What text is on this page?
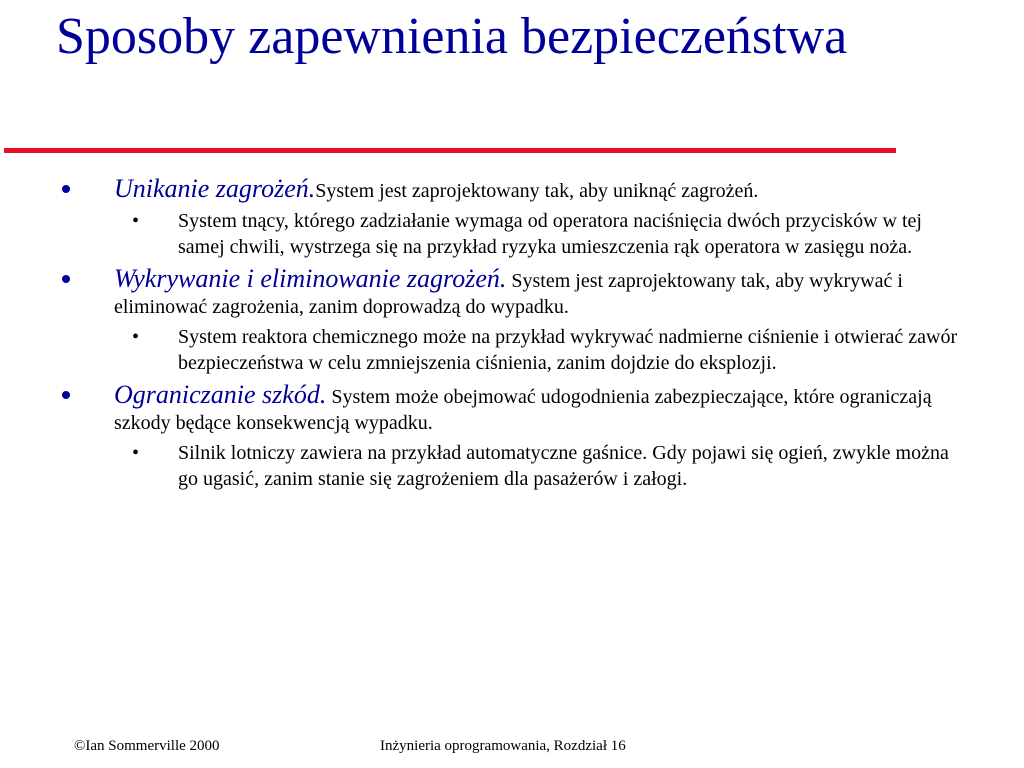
Sposoby zapewnienia bezpieczeństwa
Unikanie zagrożeń.System jest zaprojektowany tak, aby uniknąć zagrożeń.
• System tnący, którego zadziałanie wymaga od operatora naciśnięcia dwóch przycisków w tej samej chwili, wystrzega się na przykład ryzyka umieszczenia rąk operatora w zasięgu noża.

Wykrywanie i eliminowanie zagrożeń. System jest zaprojektowany tak, aby wykrywać i eliminować zagrożenia, zanim doprowadzą do wypadku.
• System reaktora chemicznego może na przykład wykrywać nadmierne ciśnienie i otwierać zawór bezpieczeństwa w celu zmniejszenia ciśnienia, zanim dojdzie do eksplozji.

Ograniczanie szkód. System może obejmować udogodnienia zabezpieczające, które ograniczają szkody będące konsekwencją wypadku.
• Silnik lotniczy zawiera na przykład automatyczne gaśnice. Gdy pojawi się ogień, zwykle można go ugasić, zanim stanie się zagrożeniem dla pasażerów i załogi.

©Ian Sommerville 2000	Inżynieria oprogramowania, Rozdział 16
